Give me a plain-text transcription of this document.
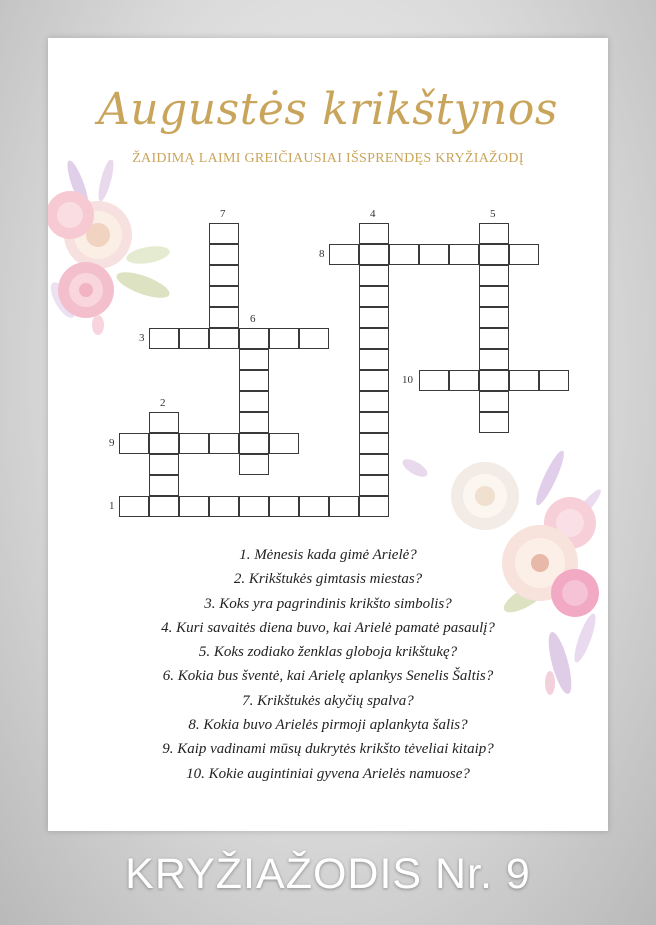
Augustės krikštynos
ŽAIDIMĄ LAIMI GREIČIAUSIAI IŠSPRENDĘS KRYŽIAŽODĮ
1
2
3
4	5
6
7
8
9
10
1. Mėnesis kada gimė Arielė?
2. Krikštukės gimtasis miestas?
3. Koks yra pagrindinis krikšto simbolis?
4. Kuri savaitės diena buvo, kai Arielė pamatė pasaulį?
5. Koks zodiako ženklas globoja krikštukę?
6. Kokia bus šventė, kai Arielę aplankys Senelis Šaltis?
7. Krikštukės akyčių spalva?
8. Kokia buvo Arielės pirmoji aplankyta šalis?
9. Kaip vadinami mūsų dukrytės krikšto tėveliai kitaip?
10. Kokie augintiniai gyvena Arielės namuose?
KRYŽIAŽODIS Nr. 9
